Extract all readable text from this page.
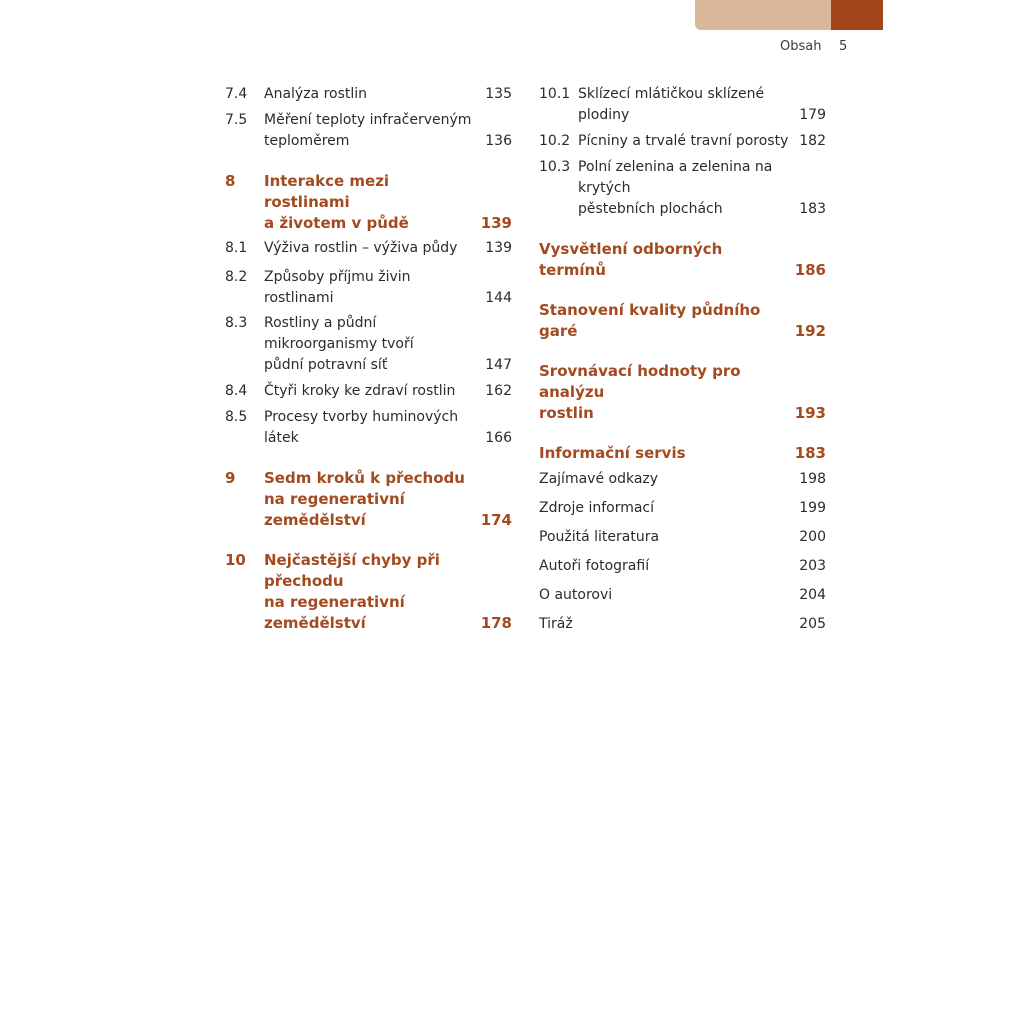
Obsah 5
7.4	Analýza rostlin	135
7.5	Měření teploty infračerveným
teploměrem	136
8	Interakce mezi rostlinami
a životem v půdě	139
8.1	Výživa rostlin – výživa půdy	139
8.2	Způsoby příjmu živin rostlinami	144
8.3	Rostliny a půdní mikroorganismy tvoří
půdní potravní síť	147
8.4	Čtyři kroky ke zdraví rostlin	162
8.5	Procesy tvorby huminových
látek	166
9	Sedm kroků k přechodu
na regenerativní
zemědělství	174
10	Nejčastější chyby při přechodu
na regenerativní
zemědělství	178
10.1 Sklízecí mlátičkou sklízené
plodiny	179
10.2 Pícniny a trvalé travní porosty 182
10.3 Polní zelenina a zelenina na krytých
pěstebních plochách	183
Vysvětlení odborných termínů	186
Stanovení kvality půdního garé	192
Srovnávací hodnoty pro analýzu
rostlin	193
Informační servis	183
Zajímavé odkazy	198
Zdroje informací	199
Použitá literatura	200
Autoři fotografií	203
O autorovi	204
Tiráž	205
